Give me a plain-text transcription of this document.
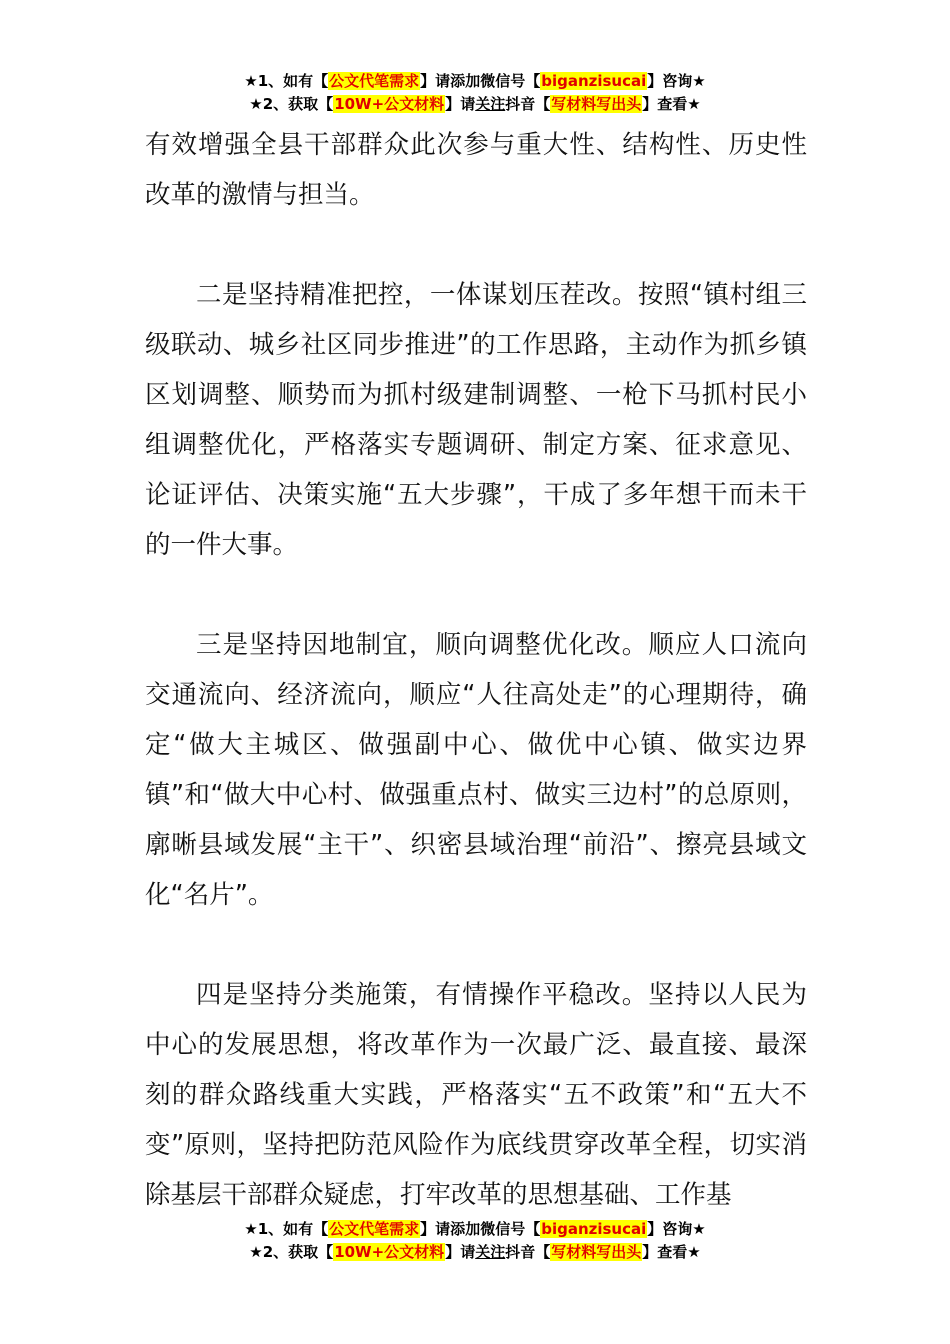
★1、如有【公文代笔需求】请添加微信号【biganzisucai】咨询★
★2、获取【10W+公文材料】请关注抖音【写材料写出头】查看★

有效增强全县干部群众此次参与重大性、结构性、历史性改革的激情与担当。

二是坚持精准把控，一体谋划压茬改。按照“镇村组三级联动、城乡社区同步推进”的工作思路，主动作为抓乡镇区划调整、顺势而为抓村级建制调整、一枪下马抓村民小组调整优化，严格落实专题调研、制定方案、征求意见、论证评估、决策实施“五大步骤”，干成了多年想干而未干的一件大事。

三是坚持因地制宜，顺向调整优化改。顺应人口流向交通流向、经济流向，顺应“人往高处走”的心理期待，确定“做大主城区、做强副中心、做优中心镇、做实边界镇”和“做大中心村、做强重点村、做实三边村”的总原则，廓晰县域发展“主干”、织密县域治理“前沿”、擦亮县域文化“名片”。

四是坚持分类施策，有情操作平稳改。坚持以人民为中心的发展思想，将改革作为一次最广泛、最直接、最深刻的群众路线重大实践，严格落实“五不政策”和“五大不变”原则，坚持把防范风险作为底线贯穿改革全程，切实消除基层干部群众疑虑，打牢改革的思想基础、工作基

★1、如有【公文代笔需求】请添加微信号【biganzisucai】咨询★
★2、获取【10W+公文材料】请关注抖音【写材料写出头】查看★
